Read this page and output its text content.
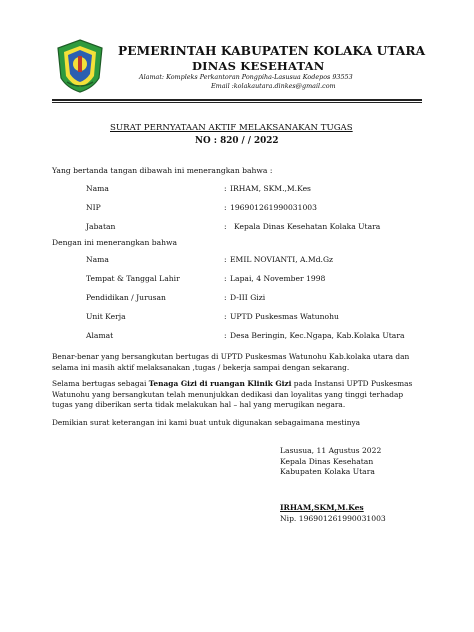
PEMERINTAH KABUPATEN KOLAKA UTARA
DINAS KESEHATAN
Alamat: Kompleks Perkantoran Pongpiha-Lasusua Kodepos 93553
Email :kolakautara.dinkes@gmail.com
SURAT PERNYATAAN AKTIF MELAKSANAKAN TUGAS
NO : 820 / / 2022
Yang bertanda tangan dibawah ini menerangkan bahwa :
Nama	: IRHAM, SKM.,M.Kes
NIP	: 196901261990031003
Jabatan	: Kepala Dinas Kesehatan Kolaka Utara
Dengan ini menerangkan bahwa
Nama	: EMIL NOVIANTI, A.Md.Gz
Tempat & Tanggal Lahir	: Lapai, 4 November 1998
Pendidikan / Jurusan	: D-III Gizi
Unit Kerja	: UPTD Puskesmas Watunohu
Alamat	: Desa Beringin, Kec.Ngapa, Kab.Kolaka Utara
Benar-benar yang bersangkutan bertugas di UPTD Puskesmas Watunohu Kab.kolaka utara dan
selama ini masih aktif melaksanakan ,tugas / bekerja sampai dengan sekarang.
Selama bertugas sebagai Tenaga Gizi di ruangan Klinik Gizi pada Instansi UPTD Puskesmas
Watunohu yang bersangkutan telah menunjukkan dedikasi dan loyalitas yang tinggi terhadap
tugas yang diberikan serta tidak melakukan hal – hal yang merugikan negara.
Demikian surat keterangan ini kami buat untuk digunakan sebagaimana mestinya
Lasusua, 11 Agustus 2022
Kepala Dinas Kesehatan
Kabupaten Kolaka Utara
IRHAM,SKM,M.Kes
Nip. 196901261990031003
